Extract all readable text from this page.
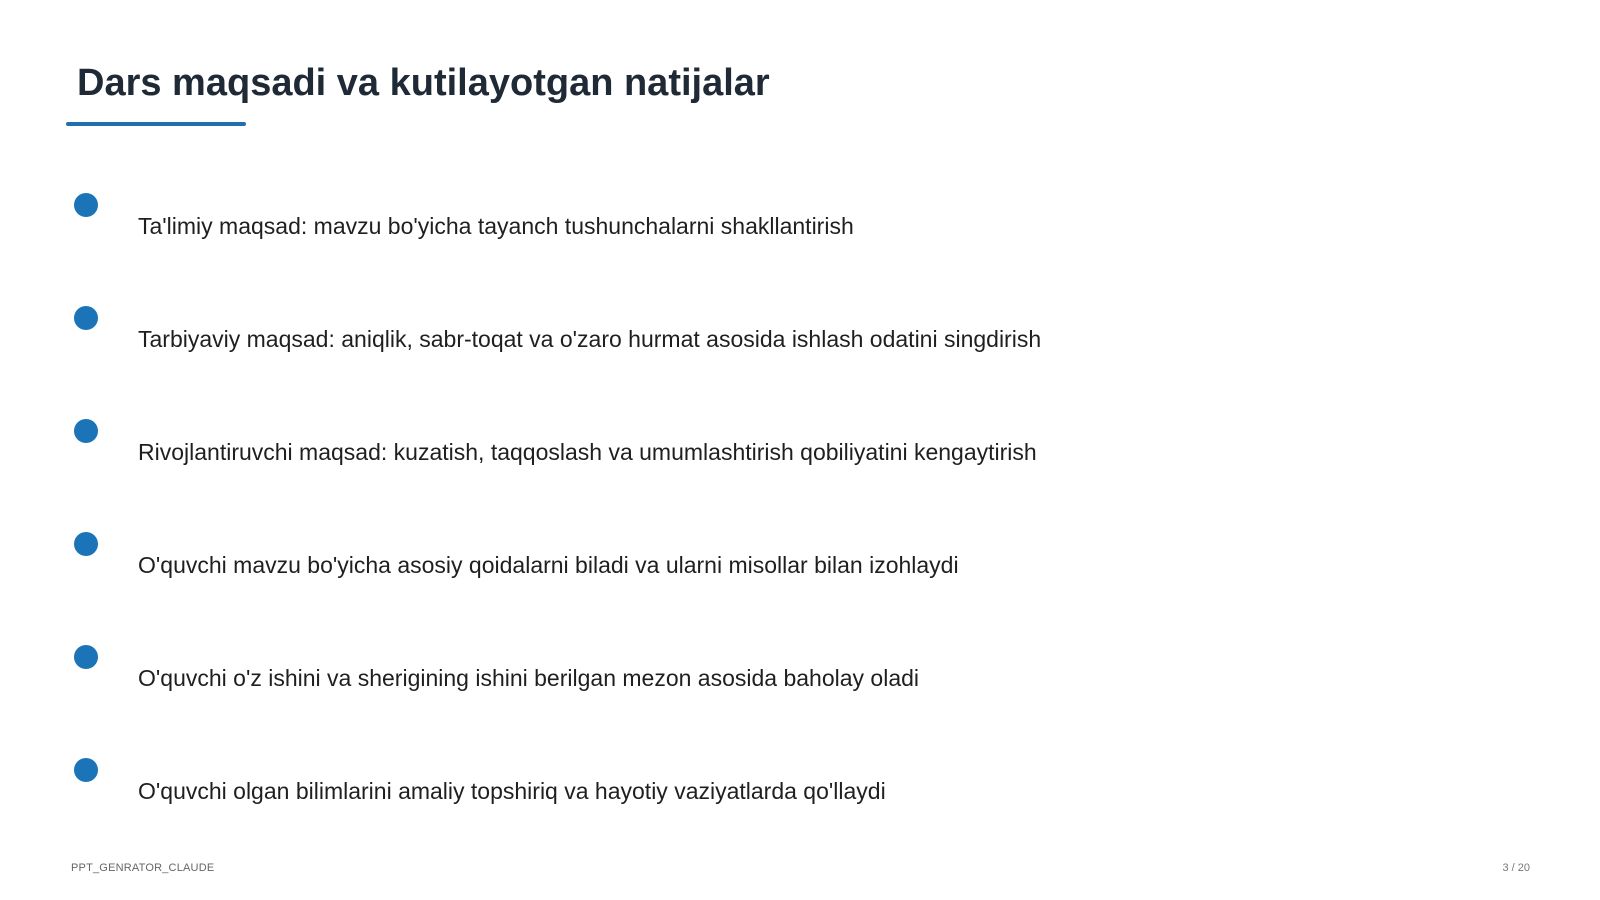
Dars maqsadi va kutilayotgan natijalar
Ta'limiy maqsad: mavzu bo'yicha tayanch tushunchalarni shakllantirish
Tarbiyaviy maqsad: aniqlik, sabr-toqat va o'zaro hurmat asosida ishlash odatini singdirish
Rivojlantiruvchi maqsad: kuzatish, taqqoslash va umumlashtirish qobiliyatini kengaytirish
O'quvchi mavzu bo'yicha asosiy qoidalarni biladi va ularni misollar bilan izohlaydi
O'quvchi o'z ishini va sherigining ishini berilgan mezon asosida baholay oladi
O'quvchi olgan bilimlarini amaliy topshiriq va hayotiy vaziyatlarda qo'llaydi
PPT_GENRATOR_CLAUDE	3 / 20
